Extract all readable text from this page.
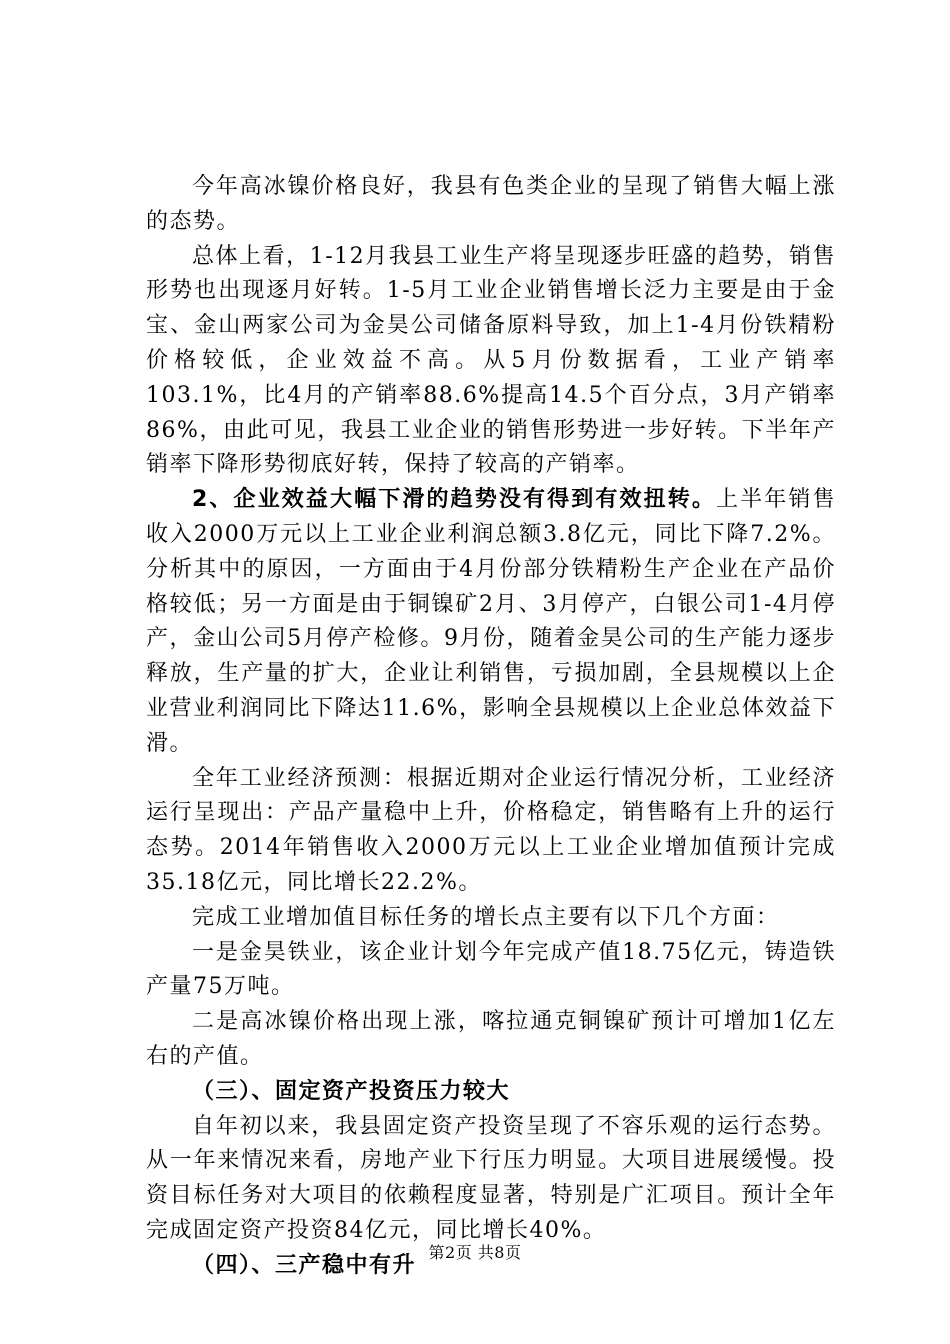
今年高冰镍价格良好，我县有色类企业的呈现了销售大幅上涨的态势。

总体上看，1-12月我县工业生产将呈现逐步旺盛的趋势，销售形势也出现逐月好转。1-5月工业企业销售增长泛力主要是由于金宝、金山两家公司为金昊公司储备原料导致，加上1-4月份铁精粉价格较低，企业效益不高。从5月份数据看，工业产销率103.1%，比4月的产销率88.6%提高14.5个百分点，3月产销率86%，由此可见，我县工业企业的销售形势进一步好转。下半年产销率下降形势彻底好转，保持了较高的产销率。

2、企业效益大幅下滑的趋势没有得到有效扭转。上半年销售收入2000万元以上工业企业利润总额3.8亿元，同比下降7.2%。分析其中的原因，一方面由于4月份部分铁精粉生产企业在产品价格较低；另一方面是由于铜镍矿2月、3月停产，白银公司1-4月停产，金山公司5月停产检修。9月份，随着金昊公司的生产能力逐步释放，生产量的扩大，企业让利销售，亏损加剧，全县规模以上企业营业利润同比下降达11.6%，影响全县规模以上企业总体效益下滑。

全年工业经济预测：根据近期对企业运行情况分析，工业经济运行呈现出：产品产量稳中上升，价格稳定，销售略有上升的运行态势。2014年销售收入2000万元以上工业企业增加值预计完成35.18亿元，同比增长22.2%。

完成工业增加值目标任务的增长点主要有以下几个方面：

一是金昊铁业，该企业计划今年完成产值18.75亿元，铸造铁产量75万吨。

二是高冰镍价格出现上涨，喀拉通克铜镍矿预计可增加1亿左右的产值。

（三）、固定资产投资压力较大

自年初以来，我县固定资产投资呈现了不容乐观的运行态势。从一年来情况来看，房地产业下行压力明显。大项目进展缓慢。投资目标任务对大项目的依赖程度显著，特别是广汇项目。预计全年完成固定资产投资84亿元，同比增长40%。

（四）、三产稳中有升

第2页 共8页
